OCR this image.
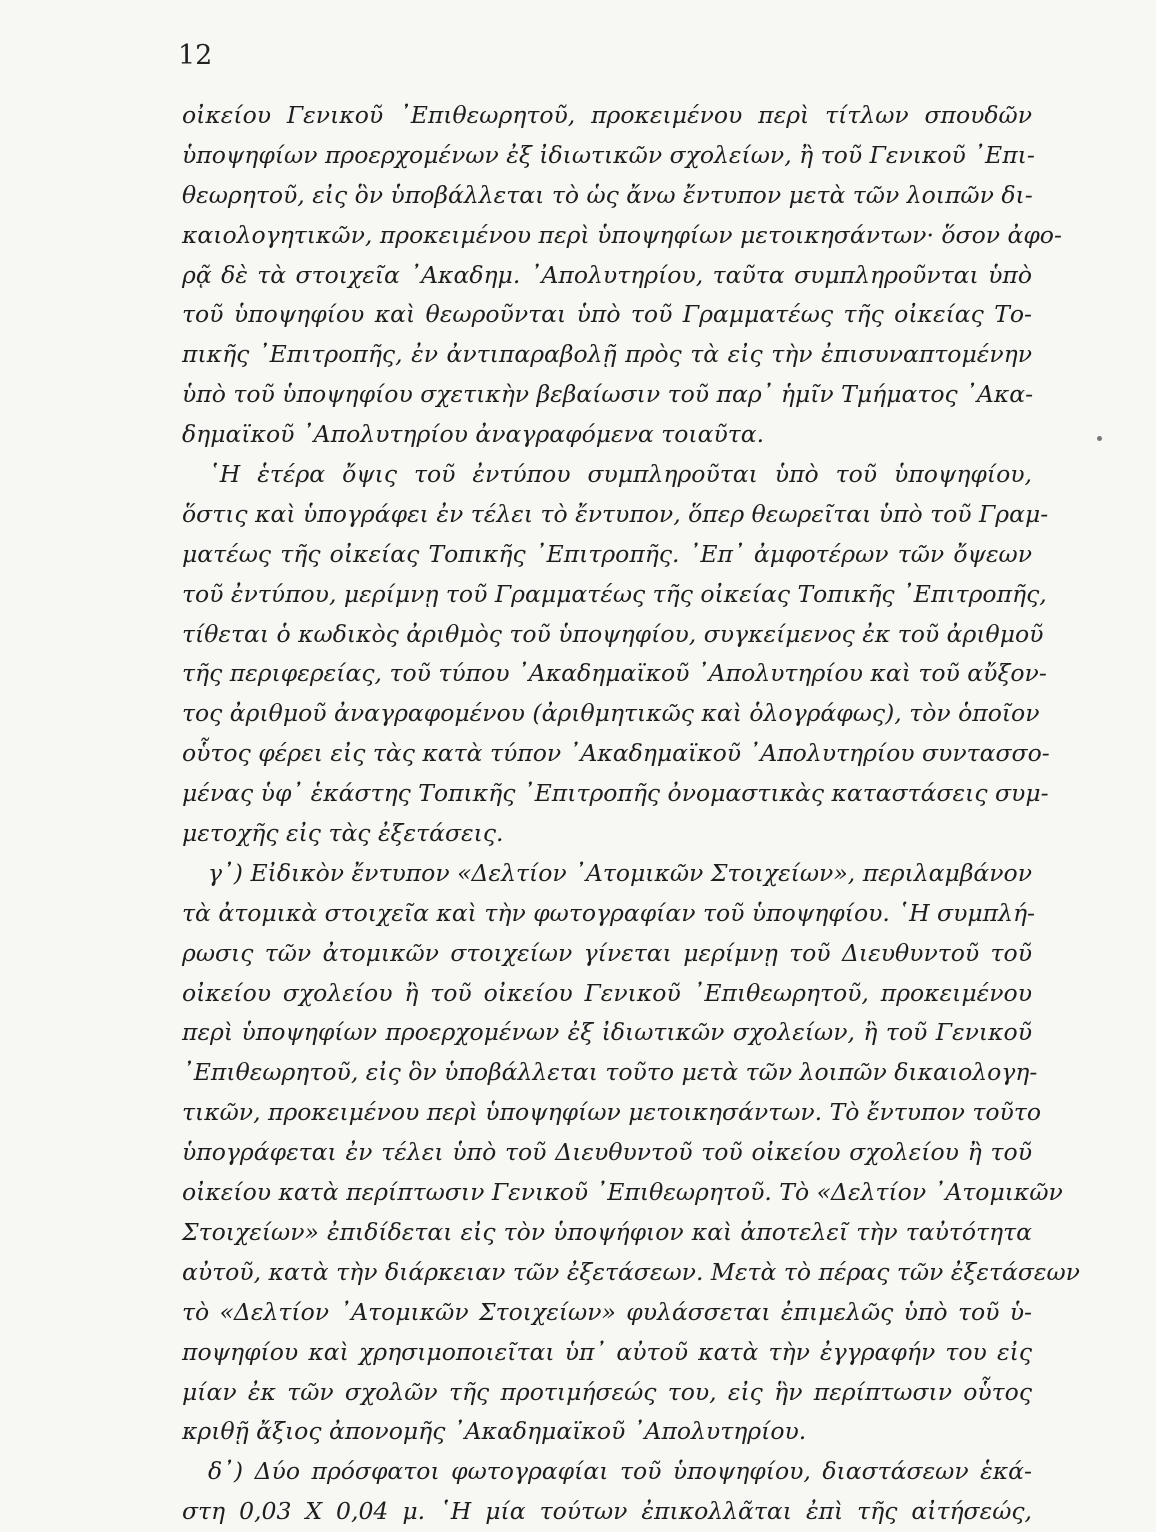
12
οἰκείου Γενικοῦ ᾿Επιθεωρητοῦ, προκειμένου περὶ τίτλων σπουδῶν
ὑποψηφίων προερχομένων ἐξ ἰδιωτικῶν σχολείων, ἢ τοῦ Γενικοῦ ᾿Επι-
θεωρητοῦ, εἰς ὃν ὑποβάλλεται τὸ ὡς ἄνω ἔντυπον μετὰ τῶν λοιπῶν δι-
καιολογητικῶν, προκειμένου περὶ ὑποψηφίων μετοικησάντων· ὅσον ἀφο-
ρᾷ δὲ τὰ στοιχεῖα ᾿Ακαδημ. ᾿Απολυτηρίου, ταῦτα συμπληροῦνται ὑπὸ
τοῦ ὑποψηφίου καὶ θεωροῦνται ὑπὸ τοῦ Γραμματέως τῆς οἰκείας Το-
πικῆς ᾿Επιτροπῆς, ἐν ἀντιπαραβολῇ πρὸς τὰ εἰς τὴν ἐπισυναπτομένην
ὑπὸ τοῦ ὑποψηφίου σχετικὴν βεβαίωσιν τοῦ παρ᾿ ἡμῖν Τμήματος ᾿Ακα-
δημαϊκοῦ ᾿Απολυτηρίου ἀναγραφόμενα τοιαῦτα.
῾Η ἑτέρα ὄψις τοῦ ἐντύπου συμπληροῦται ὑπὸ τοῦ ὑποψηφίου,
ὅστις καὶ ὑπογράφει ἐν τέλει τὸ ἔντυπον, ὅπερ θεωρεῖται ὑπὸ τοῦ Γραμ-
ματέως τῆς οἰκείας Τοπικῆς ᾿Επιτροπῆς. ᾿Επ᾿ ἀμφοτέρων τῶν ὄψεων
τοῦ ἐντύπου, μερίμνῃ τοῦ Γραμματέως τῆς οἰκείας Τοπικῆς ᾿Επιτροπῆς,
τίθεται ὁ κωδικὸς ἀριθμὸς τοῦ ὑποψηφίου, συγκείμενος ἐκ τοῦ ἀριθμοῦ
τῆς περιφερείας, τοῦ τύπου ᾿Ακαδημαϊκοῦ ᾿Απολυτηρίου καὶ τοῦ αὔξον-
τος ἀριθμοῦ ἀναγραφομένου (ἀριθμητικῶς καὶ ὁλογράφως), τὸν ὁποῖον
οὗτος φέρει εἰς τὰς κατὰ τύπον ᾿Ακαδημαϊκοῦ ᾿Απολυτηρίου συντασσο-
μένας ὑφ᾿ ἑκάστης Τοπικῆς ᾿Επιτροπῆς ὀνομαστικὰς καταστάσεις συμ-
μετοχῆς εἰς τὰς ἐξετάσεις.
γ᾿) Εἰδικὸν ἔντυπον «Δελτίον ᾿Ατομικῶν Στοιχείων», περιλαμβάνον
τὰ ἀτομικὰ στοιχεῖα καὶ τὴν φωτογραφίαν τοῦ ὑποψηφίου. ῾Η συμπλή-
ρωσις τῶν ἀτομικῶν στοιχείων γίνεται μερίμνῃ τοῦ Διευθυντοῦ τοῦ
οἰκείου σχολείου ἢ τοῦ οἰκείου Γενικοῦ ᾿Επιθεωρητοῦ, προκειμένου
περὶ ὑποψηφίων προερχομένων ἐξ ἰδιωτικῶν σχολείων, ἢ τοῦ Γενικοῦ
᾿Επιθεωρητοῦ, εἰς ὃν ὑποβάλλεται τοῦτο μετὰ τῶν λοιπῶν δικαιολογη-
τικῶν, προκειμένου περὶ ὑποψηφίων μετοικησάντων. Τὸ ἔντυπον τοῦτο
ὑπογράφεται ἐν τέλει ὑπὸ τοῦ Διευθυντοῦ τοῦ οἰκείου σχολείου ἢ τοῦ
οἰκείου κατὰ περίπτωσιν Γενικοῦ ᾿Επιθεωρητοῦ. Τὸ «Δελτίον ᾿Ατομικῶν
Στοιχείων» ἐπιδίδεται εἰς τὸν ὑποψήφιον καὶ ἀποτελεῖ τὴν ταὐτότητα
αὐτοῦ, κατὰ τὴν διάρκειαν τῶν ἐξετάσεων. Μετὰ τὸ πέρας τῶν ἐξετάσεων
τὸ «Δελτίον ᾿Ατομικῶν Στοιχείων» φυλάσσεται ἐπιμελῶς ὑπὸ τοῦ ὑ-
ποψηφίου καὶ χρησιμοποιεῖται ὑπ᾿ αὐτοῦ κατὰ τὴν ἐγγραφήν του εἰς
μίαν ἐκ τῶν σχολῶν τῆς προτιμήσεώς του, εἰς ἣν περίπτωσιν οὗτος
κριθῇ ἄξιος ἀπονομῆς ᾿Ακαδημαϊκοῦ ᾿Απολυτηρίου.
δ᾿) Δύο πρόσφατοι φωτογραφίαι τοῦ ὑποψηφίου, διαστάσεων ἑκά-
στη 0,03 Χ 0,04 μ. ῾Η μία τούτων ἐπικολλᾶται ἐπὶ τῆς αἰτήσεώς,
